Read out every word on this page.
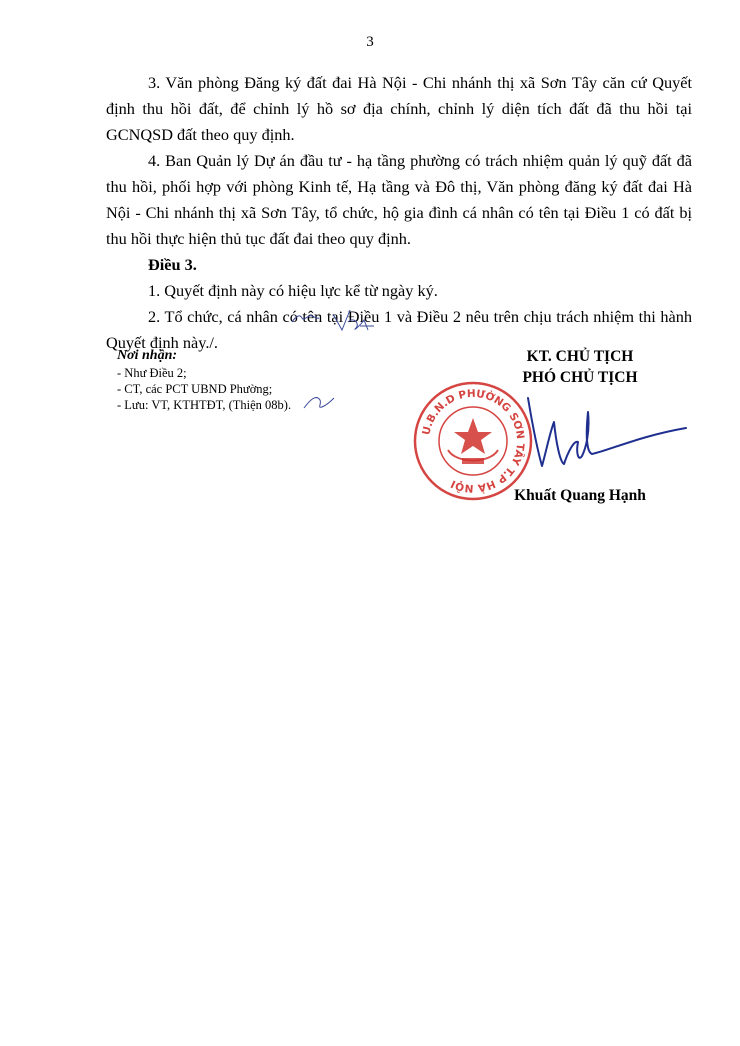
3

3. Văn phòng Đăng ký đất đai Hà Nội - Chi nhánh thị xã Sơn Tây căn cứ Quyết định thu hồi đất, để chỉnh lý hồ sơ địa chính, chỉnh lý diện tích đất đã thu hồi tại GCNQSD đất theo quy định.

4. Ban Quản lý Dự án đầu tư - hạ tầng phường có trách nhiệm quản lý quỹ đất đã thu hồi, phối hợp với phòng Kinh tế, Hạ tầng và Đô thị, Văn phòng đăng ký đất đai Hà Nội - Chi nhánh thị xã Sơn Tây, tổ chức, hộ gia đình cá nhân có tên tại Điều 1 có đất bị thu hồi thực hiện thủ tục đất đai theo quy định.

Điều 3.

1. Quyết định này có hiệu lực kể từ ngày ký.

2. Tổ chức, cá nhân có tên tại Điều 1 và Điều 2 nêu trên chịu trách nhiệm thi hành Quyết định này./.

Nơi nhận:
- Như Điều 2;
- CT, các PCT UBND Phường;
- Lưu: VT, KTHTĐT, (Thiện 08b).
KT. CHỦ TỊCH
PHÓ CHỦ TỊCH
U.B.N.D PHƯỜNG SƠN TÂY T.P HÀ NỘI
Khuất Quang Hạnh
